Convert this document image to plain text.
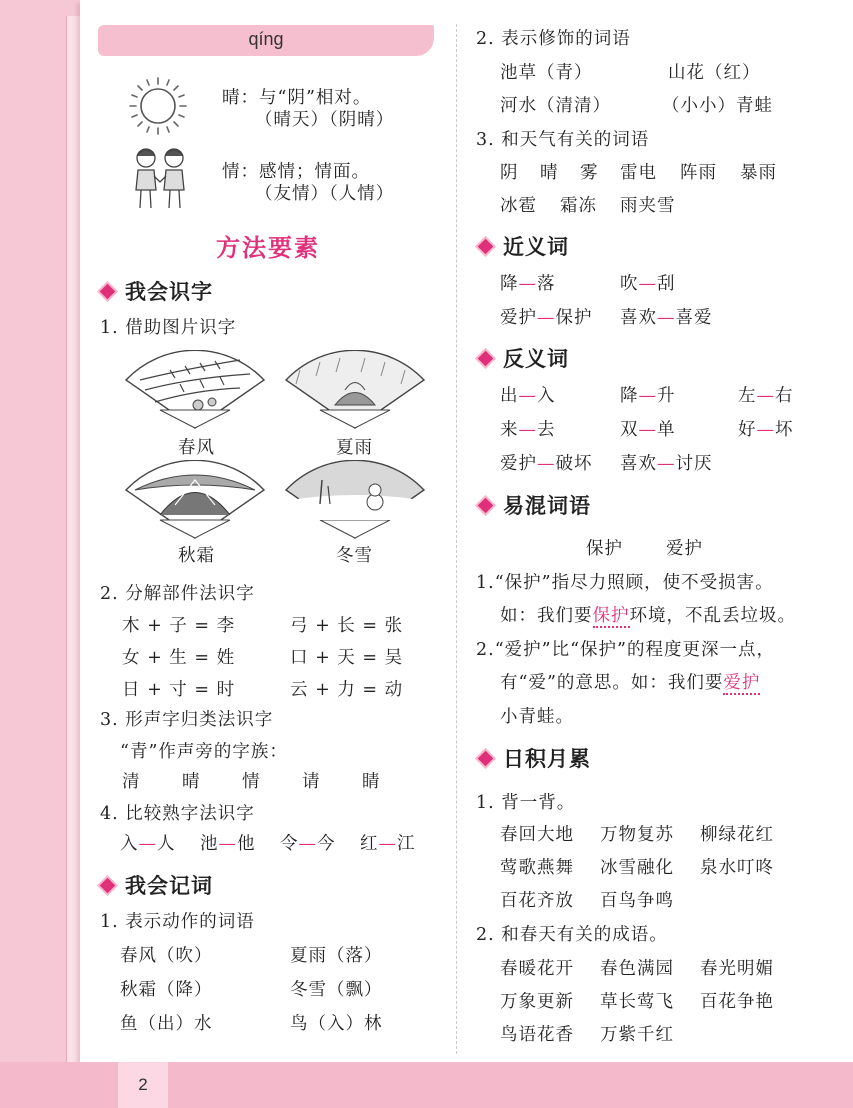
2
qíng
晴：与“阴”相对。
（晴天）（阴晴）
情：感情；情面。
（友情）（人情）
方法要素
我会识字
1. 借助图片识字
春风	夏雨
秋霜	冬雪
2. 分解部件法识字
木 + 子 = 李	弓 + 长 = 张
女 + 生 = 姓	口 + 天 = 吴
日 + 寸 = 时	云 + 力 = 动
3. 形声字归类法识字
“青”作声旁的字族：
清 晴 情 请 睛
4. 比较熟字法识字
入—人 池—他 令—今 红—江
我会记词
1. 表示动作的词语
春风（吹）	夏雨（落）
秋霜（降）	冬雪（飘）
鱼（出）水	鸟（入）林
2. 表示修饰的词语
池草（青）	山花（红）
河水（清清）	（小小）青蛙
3. 和天气有关的词语
阴 晴 雾 雷电 阵雨 暴雨
冰雹 霜冻 雨夹雪
近义词
降—落	吹—刮
爱护—保护 喜欢—喜爱
反义词
出—入	降—升	左—右
来—去	双—单	好—坏
爱护—破坏 喜欢—讨厌
易混词语
保护 爱护
1.“保护”指尽力照顾，使不受损害。
如：我们要保护环境，不乱丢垃圾。
2.“爱护”比“保护”的程度更深一点，
有“爱”的意思。如：我们要爱护
小青蛙。
日积月累
1. 背一背。
春回大地 万物复苏 柳绿花红
莺歌燕舞 冰雪融化 泉水叮咚
百花齐放 百鸟争鸣
2. 和春天有关的成语。
春暖花开 春色满园 春光明媚
万象更新 草长莺飞 百花争艳
鸟语花香 万紫千红
